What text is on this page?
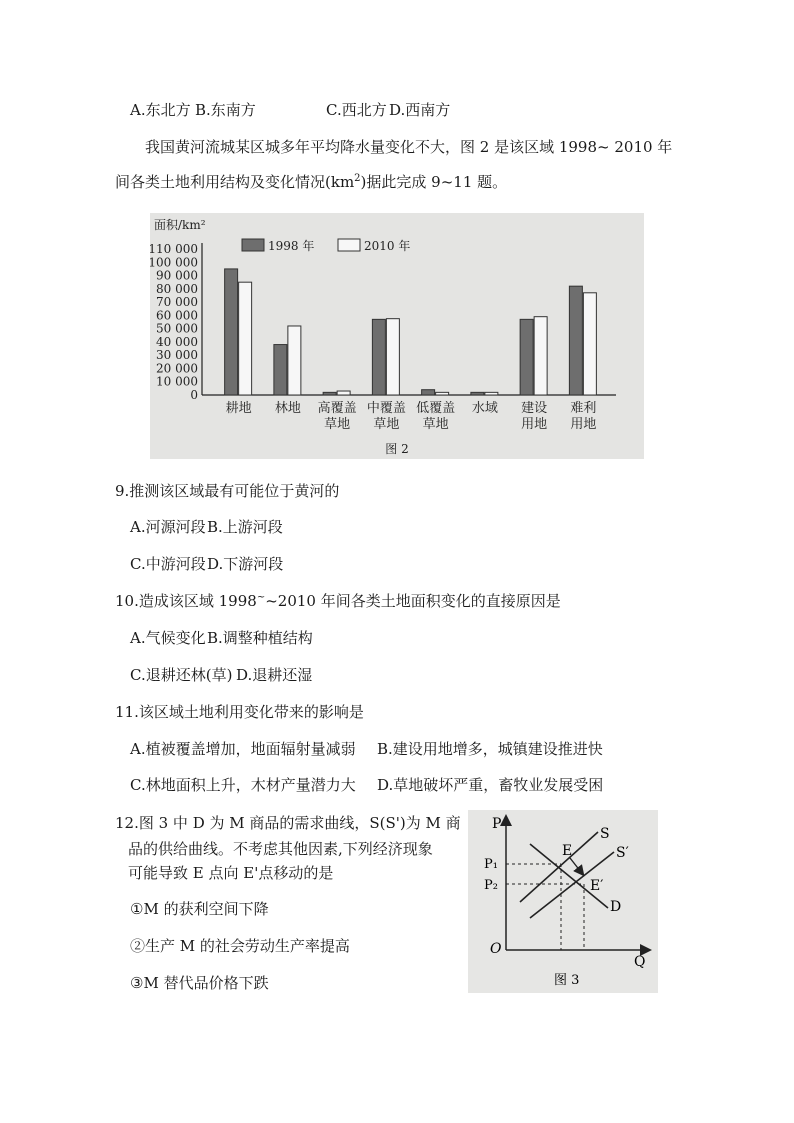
A.东北方 B.东南方	C.西北方 D.西南方
我国黄河流城某区城多年平均降水量变化不大，图 2 是该区域 1998~ 2010 年
间各类土地利用结构及变化情况$(km^2)$据此完成 9~11 题。
面积/km²
110 000
100 000
90 000
80 000
70 000
60 000
50 000
40 000
30 000
20 000
10 000
0
1998 年	2010 年
耕地 林地 高覆盖
草地
中覆盖
草地
低覆盖
草地
水域 建设
用地
难利
用地
图 2
9.推测该区域最有可能位于黄河的
A.河源河段 B.上游河段
C.中游河段 D.下游河段
10.造成该区域 1998~~2010 年间各类土地面积变化的直接原因是
A.气候变化 B.调整种植结构
C.退耕还林(草) D.退耕还湿
11.该区域土地利用变化带来的影响是
A.植被覆盖增加，地面辐射量减弱 B.建设用地增多，城镇建设推进快
C.林地面积上升，木材产量潜力大 D.草地破坏严重，畜牧业发展受困
12.图 3 中 D 为 M 商品的需求曲线，S(S')为 M 商
品的供给曲线。不考虑其他因素,下列经济现象
可能导致 E 点向 E'点移动的是
①M 的获利空间下降
②生产 M 的社会劳动生产率提高
③M 替代品价格下跌
P
Q
O
P₁
P₂
S
S′
D
E
E′
图 3
